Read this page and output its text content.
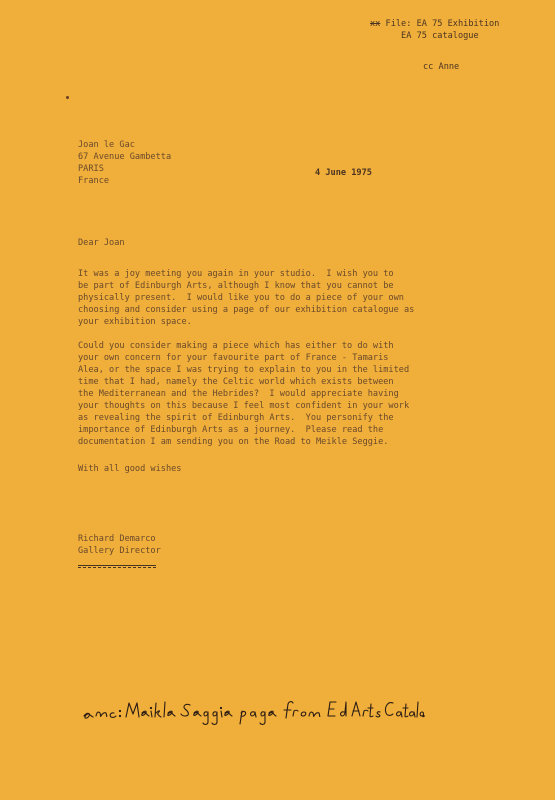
xx File: EA 75 Exhibition
EA 75 catalogue
cc Anne
Joan le Gac
67 Avenue Gambetta
PARIS
France
4 June 1975
Dear Joan
It was a joy meeting you again in your studio.  I wish you to
be part of Edinburgh Arts, although I know that you cannot be
physically present.  I would like you to do a piece of your own
choosing and consider using a page of our exhibition catalogue as
your exhibition space.
Could you consider making a piece which has either to do with
your own concern for your favourite part of France - Tamaris
Alea, or the space I was trying to explain to you in the limited
time that I had, namely the Celtic world which exists between
the Mediterranean and the Hebrides?  I would appreciate having
your thoughts on this because I feel most confident in your work
as revealing the spirit of Edinburgh Arts.  You personify the
importance of Edinburgh Arts as a journey.  Please read the
documentation I am sending you on the Road to Meikle Seggie.
With all good wishes
Richard Demarco
Gallery Director
